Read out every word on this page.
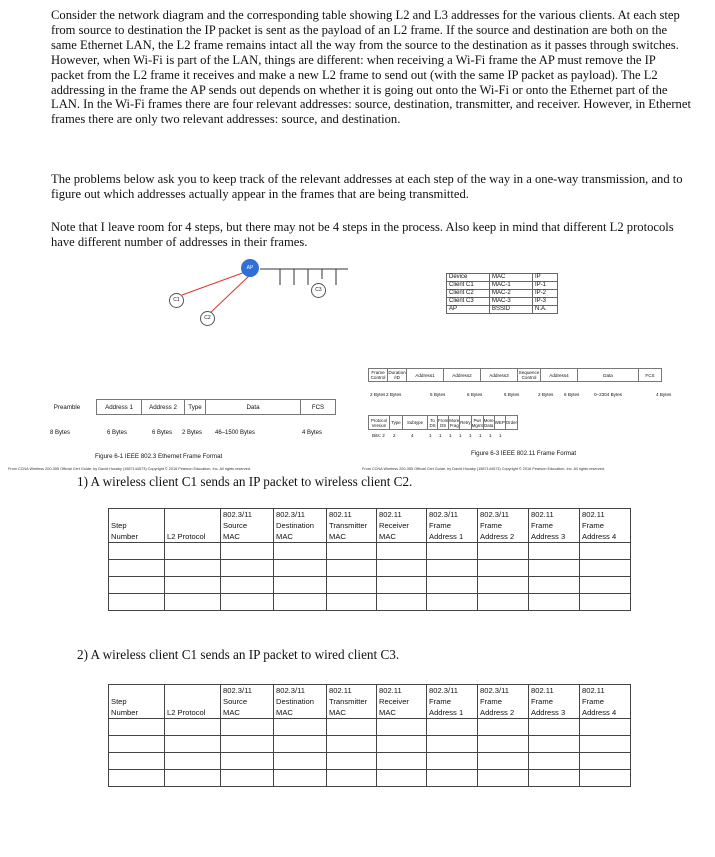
Consider the network diagram and the corresponding table showing L2 and L3 addresses for the various clients. At each step from source to destination the IP packet is sent as the payload of an L2 frame. If the source and destination are both on the same Ethernet LAN, the L2 frame remains intact all the way from the source to the destination as it passes through switches. However, when Wi-Fi is part of the LAN, things are different: when receiving a Wi-Fi frame the AP must remove the IP packet from the L2 frame it receives and make a new L2 frame to send out (with the same IP packet as payload). The L2 addressing in the frame the AP sends out depends on whether it is going out onto the Wi-Fi or onto the Ethernet part of the LAN. In the Wi-Fi frames there are four relevant addresses: source, destination, transmitter, and receiver. However, in Ethernet frames there are only two relevant addresses: source, and destination.

The problems below ask you to keep track of the relevant addresses at each step of the way in a one-way transmission, and to figure out which addresses actually appear in the frames that are being transmitted.

Note that I leave room for 4 steps, but there may not be 4 steps in the process. Also keep in mind that different L2 protocols have different number of addresses in their frames.

AP
C1
C2
C3
Device	MAC	IP
Client C1	MAC-1	IP-1
Client C2	MAC-2	IP-2
Client C3	MAC-3	IP-3
AP	BSSID	N.A.
Preamble	Address 1	Address 2	Type	Data	FCS
8 Bytes	6 Bytes	6 Bytes 2 Bytes 46–1500 Bytes	4 Bytes
Figure 6-1 IEEE 802.3 Ethernet Frame Format
From CCNA Wireless 200-355 Official Cert Guide, by David Hucaby (1587144573) Copyright © 2016 Pearson Education, Inc. All rights reserved.
Frame Control	Duration /ID	Address1	Address2	Address3	Sequence Control	Address4	Data	FCS
2 Bytes 2 Bytes	6 Bytes	6 Bytes	6 Bytes	2 Bytes 6 Bytes	0–2304 Bytes	4 Bytes
Protocol Version	Type	Subtype	To DS	From DS	More Frag	Retry	Pwr Mgmt	More Data	WEP	Order
Bits: 2 2	4	1 1 1 1 1 1 1 1
Figure 6-3 IEEE 802.11 Frame Format
From CCNA Wireless 200-355 Official Cert Guide, by David Hucaby (1587144573) Copyright © 2016 Pearson Education, Inc. All rights reserved.

1) A wireless client C1 sends an IP packet to wireless client C2.

		802.3/11	802.3/11	802.11	802.11	802.3/11	802.3/11	802.11	802.11
Step		Source	Destination	Transmitter	Receiver	Frame	Frame	Frame	Frame
Number	L2 Protocol	MAC	MAC	MAC	MAC	Address 1	Address 2	Address 3	Address 4

2) A wireless client C1 sends an IP packet to wired client C3.

		802.3/11	802.3/11	802.11	802.11	802.3/11	802.3/11	802.11	802.11
Step		Source	Destination	Transmitter	Receiver	Frame	Frame	Frame	Frame
Number	L2 Protocol	MAC	MAC	MAC	MAC	Address 1	Address 2	Address 3	Address 4
